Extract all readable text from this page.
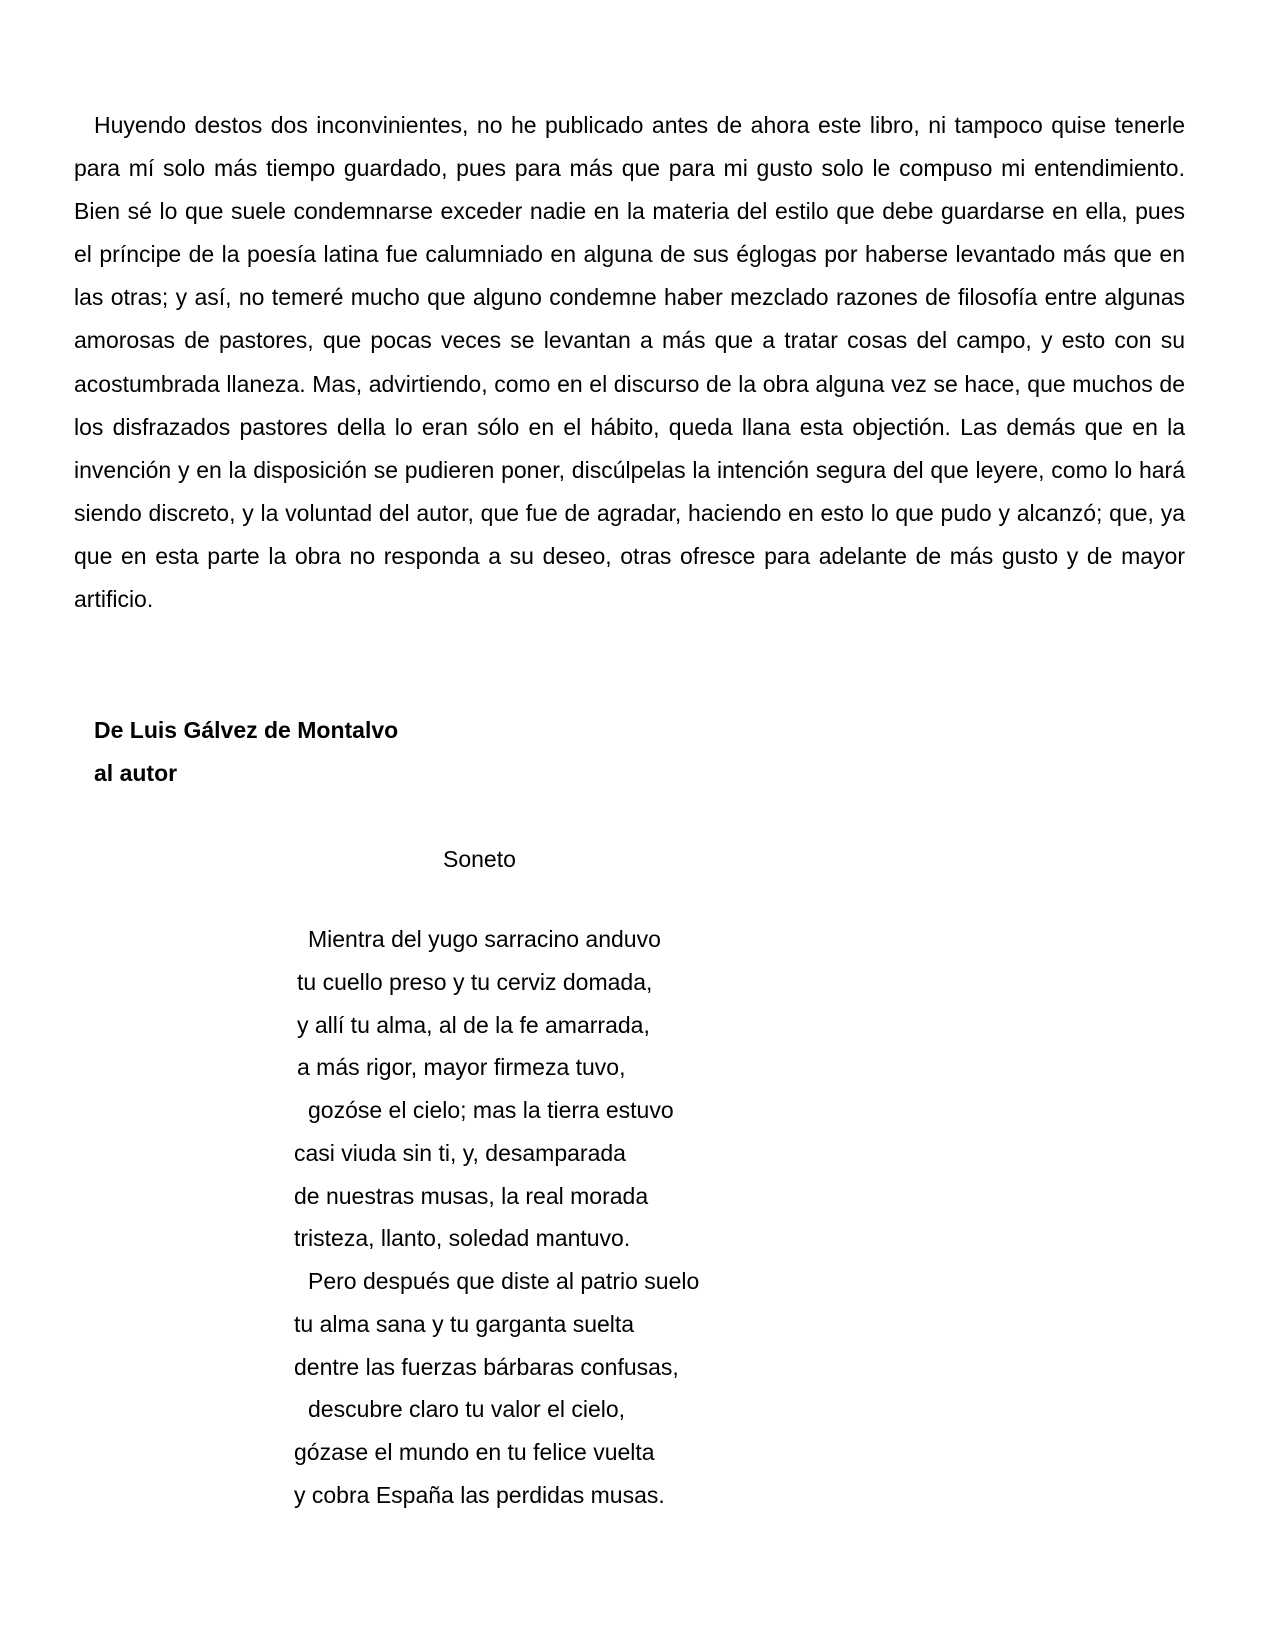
Huyendo destos dos inconvinientes, no he publicado antes de ahora este libro, ni tampoco quise tenerle para mí solo más tiempo guardado, pues para más que para mi gusto solo le compuso mi entendimiento. Bien sé lo que suele condemnarse exceder nadie en la materia del estilo que debe guardarse en ella, pues el príncipe de la poesía latina fue calumniado en alguna de sus églogas por haberse levantado más que en las otras; y así, no temeré mucho que alguno condemne haber mezclado razones de filosofía entre algunas amorosas de pastores, que pocas veces se levantan a más que a tratar cosas del campo, y esto con su acostumbrada llaneza. Mas, advirtiendo, como en el discurso de la obra alguna vez se hace, que muchos de los disfrazados pastores della lo eran sólo en el hábito, queda llana esta objectión. Las demás que en la invención y en la disposición se pudieren poner, discúlpelas la intención segura del que leyere, como lo hará siendo discreto, y la voluntad del autor, que fue de agradar, haciendo en esto lo que pudo y alcanzó; que, ya que en esta parte la obra no responda a su deseo, otras ofresce para adelante de más gusto y de mayor artificio.

De Luis Gálvez de Montalvo

al autor

Soneto

Mientra del yugo sarracino anduvo
tu cuello preso y tu cerviz domada,
y allí tu alma, al de la fe amarrada,
a más rigor, mayor firmeza tuvo,
gozóse el cielo; mas la tierra estuvo
casi viuda sin ti, y, desamparada
de nuestras musas, la real morada
tristeza, llanto, soledad mantuvo.
Pero después que diste al patrio suelo
tu alma sana y tu garganta suelta
dentre las fuerzas bárbaras confusas,
descubre claro tu valor el cielo,
gózase el mundo en tu felice vuelta
y cobra España las perdidas musas.
